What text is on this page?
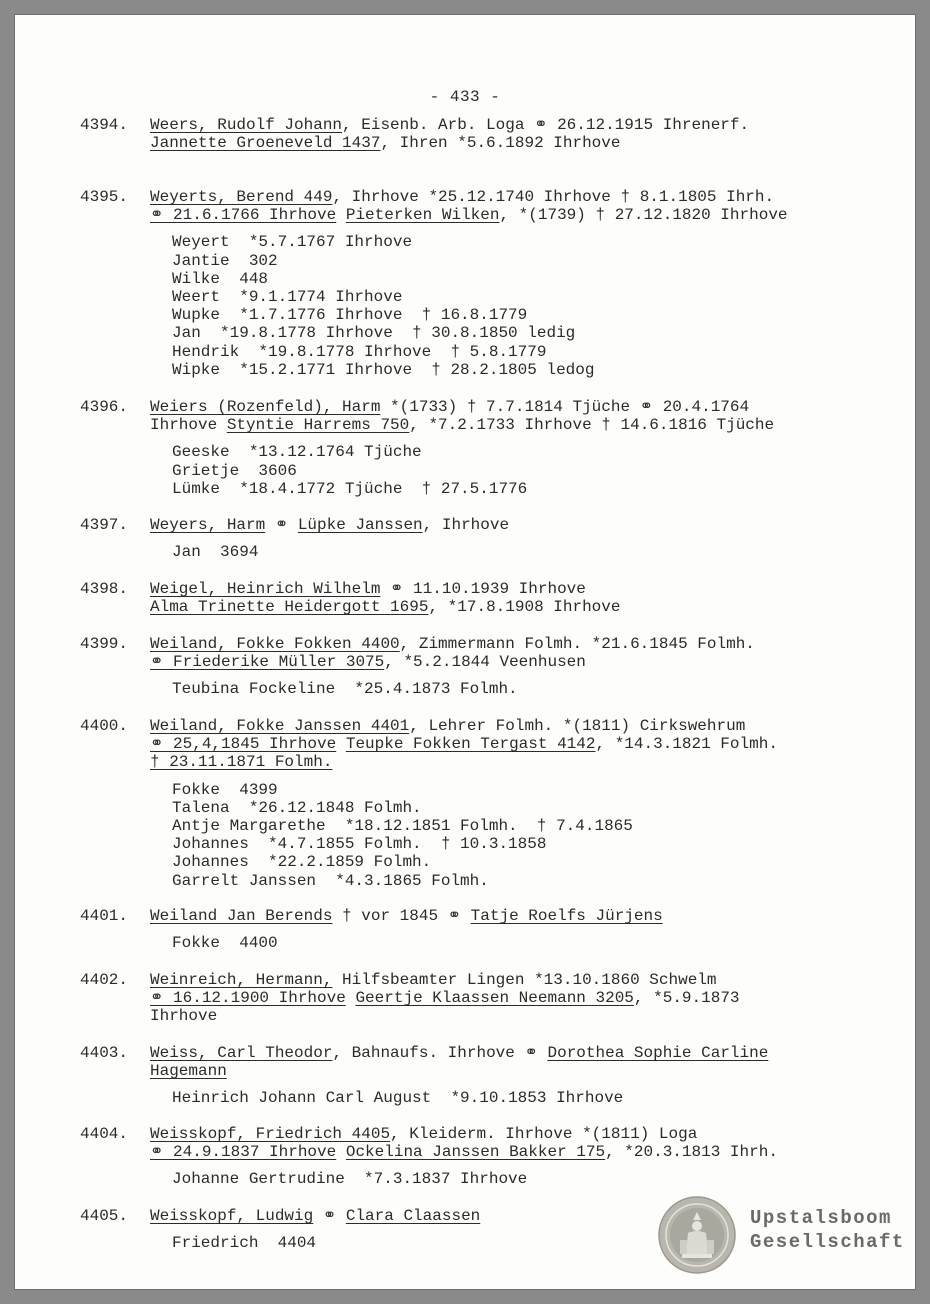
- 433 -
4394. Weers, Rudolf Johann, Eisenb. Arb. Loga ⚭ 26.12.1915 Ihrenerf.
Jannette Groeneveld 1437, Ihren *5.6.1892 Ihrhove
4395. Weyerts, Berend 449, Ihrhove *25.12.1740 Ihrhove † 8.1.1805 Ihrh.
⚭ 21.6.1766 Ihrhove Pieterken Wilken, *(1739) † 27.12.1820 Ihrhove
Weyert  *5.7.1767 Ihrhove
Jantie  302
Wilke  448
Weert  *9.1.1774 Ihrhove
Wupke  *1.7.1776 Ihrhove  † 16.8.1779
Jan  *19.8.1778 Ihrhove  † 30.8.1850 ledig
Hendrik  *19.8.1778 Ihrhove  † 5.8.1779
Wipke  *15.2.1771 Ihrhove  † 28.2.1805 ledog
4396. Weiers (Rozenfeld), Harm *(1733) † 7.7.1814 Tjüche ⚭ 20.4.1764
Ihrhove Styntie Harrems 750, *7.2.1733 Ihrhove † 14.6.1816 Tjüche
Geeske  *13.12.1764 Tjüche
Grietje  3606
Lümke  *18.4.1772 Tjüche  † 27.5.1776
4397. Weyers, Harm ⚭ Lüpke Janssen, Ihrhove
Jan  3694
4398. Weigel, Heinrich Wilhelm ⚭ 11.10.1939 Ihrhove
Alma Trinette Heidergott 1695, *17.8.1908 Ihrhove
4399. Weiland, Fokke Fokken 4400, Zimmermann Folmh. *21.6.1845 Folmh.
⚭ Friederike Müller 3075, *5.2.1844 Veenhusen
Teubina Fockeline  *25.4.1873 Folmh.
4400. Weiland, Fokke Janssen 4401, Lehrer Folmh. *(1811) Cirkswehrum
⚭ 25,4,1845 Ihrhove Teupke Fokken Tergast 4142, *14.3.1821 Folmh.
† 23.11.1871 Folmh.
Fokke  4399
Talena  *26.12.1848 Folmh.
Antje Margarethe  *18.12.1851 Folmh.  † 7.4.1865
Johannes  *4.7.1855 Folmh.  † 10.3.1858
Johannes  *22.2.1859 Folmh.
Garrelt Janssen  *4.3.1865 Folmh.
4401. Weiland Jan Berends † vor 1845 ⚭ Tatje Roelfs Jürjens
Fokke  4400
4402. Weinreich, Hermann, Hilfsbeamter Lingen *13.10.1860 Schwelm
⚭ 16.12.1900 Ihrhove Geertje Klaassen Neemann 3205, *5.9.1873
Ihrhove
4403. Weiss, Carl Theodor, Bahnaufs. Ihrhove ⚭ Dorothea Sophie Carline
Hagemann
Heinrich Johann Carl August  *9.10.1853 Ihrhove
4404. Weisskopf, Friedrich 4405, Kleiderm. Ihrhove *(1811) Loga
⚭ 24.9.1837 Ihrhove Ockelina Janssen Bakker 175, *20.3.1813 Ihrh.
Johanne Gertrudine  *7.3.1837 Ihrhove
4405. Weisskopf, Ludwig ⚭ Clara Claassen
Friedrich  4404
Upstalsboom
Gesellschaft
